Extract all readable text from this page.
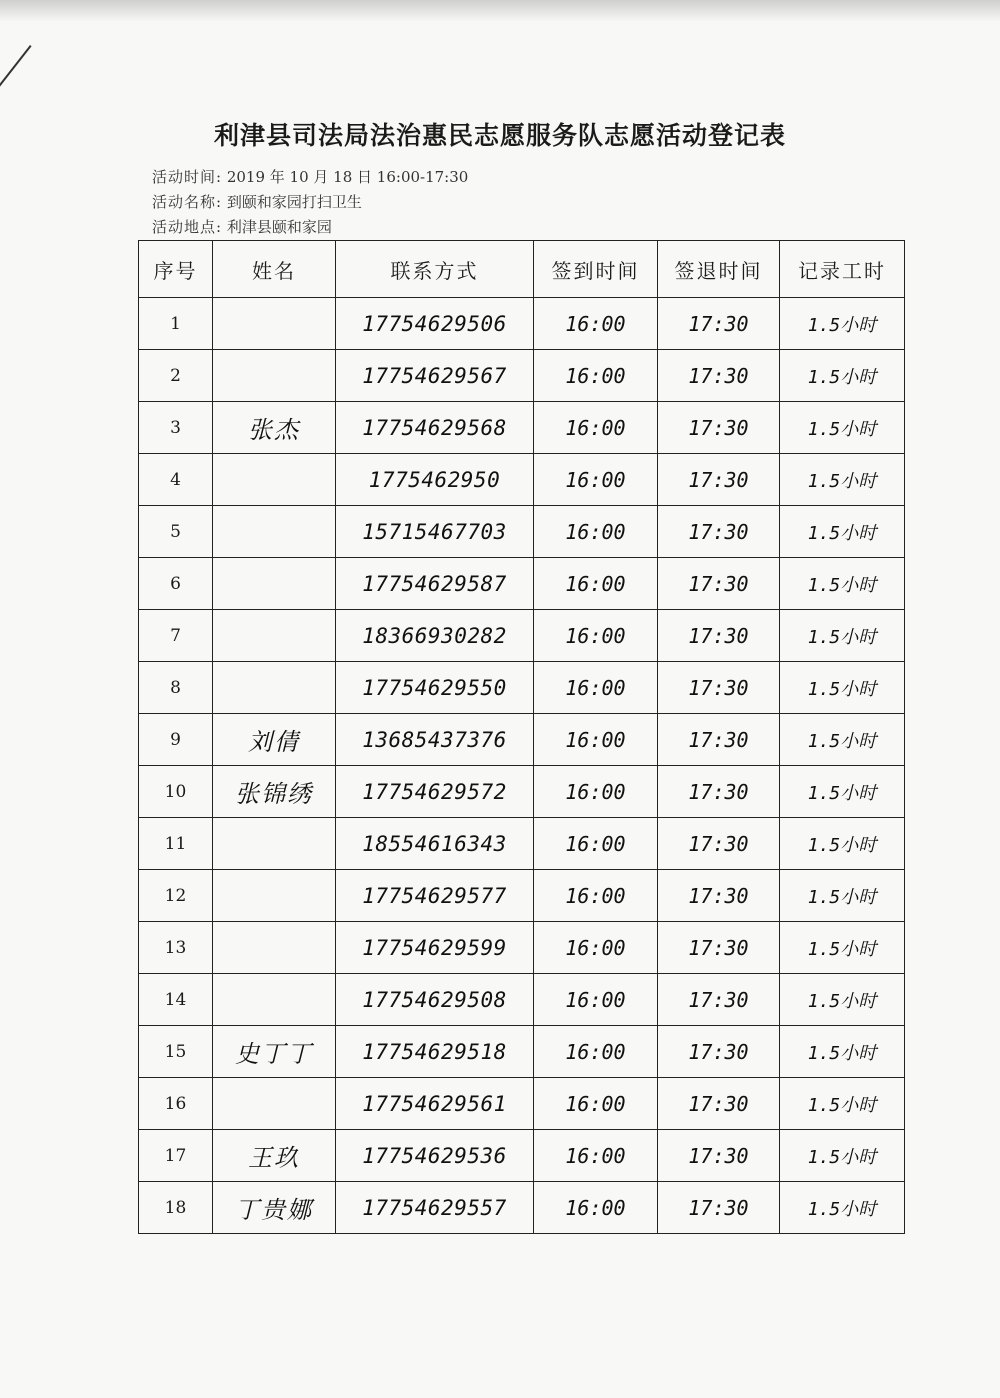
利津县司法局法治惠民志愿服务队志愿活动登记表
活动时间: 2019 年 10 月 18 日 16:00-17:30
活动名称: 到颐和家园打扫卫生
活动地点: 利津县颐和家园
序号	姓名	联系方式	签到时间	签退时间	记录工时
1		17754629506	16:00	17:30	1.5小时
2		17754629567	16:00	17:30	1.5小时
3	张杰	17754629568	16:00	17:30	1.5小时
4		1775462950	16:00	17:30	1.5小时
5		15715467703	16:00	17:30	1.5小时
6		17754629587	16:00	17:30	1.5小时
7		18366930282	16:00	17:30	1.5小时
8		17754629550	16:00	17:30	1.5小时
9	刘倩	13685437376	16:00	17:30	1.5小时
10	张锦绣	17754629572	16:00	17:30	1.5小时
11		18554616343	16:00	17:30	1.5小时
12		17754629577	16:00	17:30	1.5小时
13		17754629599	16:00	17:30	1.5小时
14		17754629508	16:00	17:30	1.5小时
15	史丁丁	17754629518	16:00	17:30	1.5小时
16		17754629561	16:00	17:30	1.5小时
17	王玖	17754629536	16:00	17:30	1.5小时
18	丁贵娜	17754629557	16:00	17:30	1.5小时
